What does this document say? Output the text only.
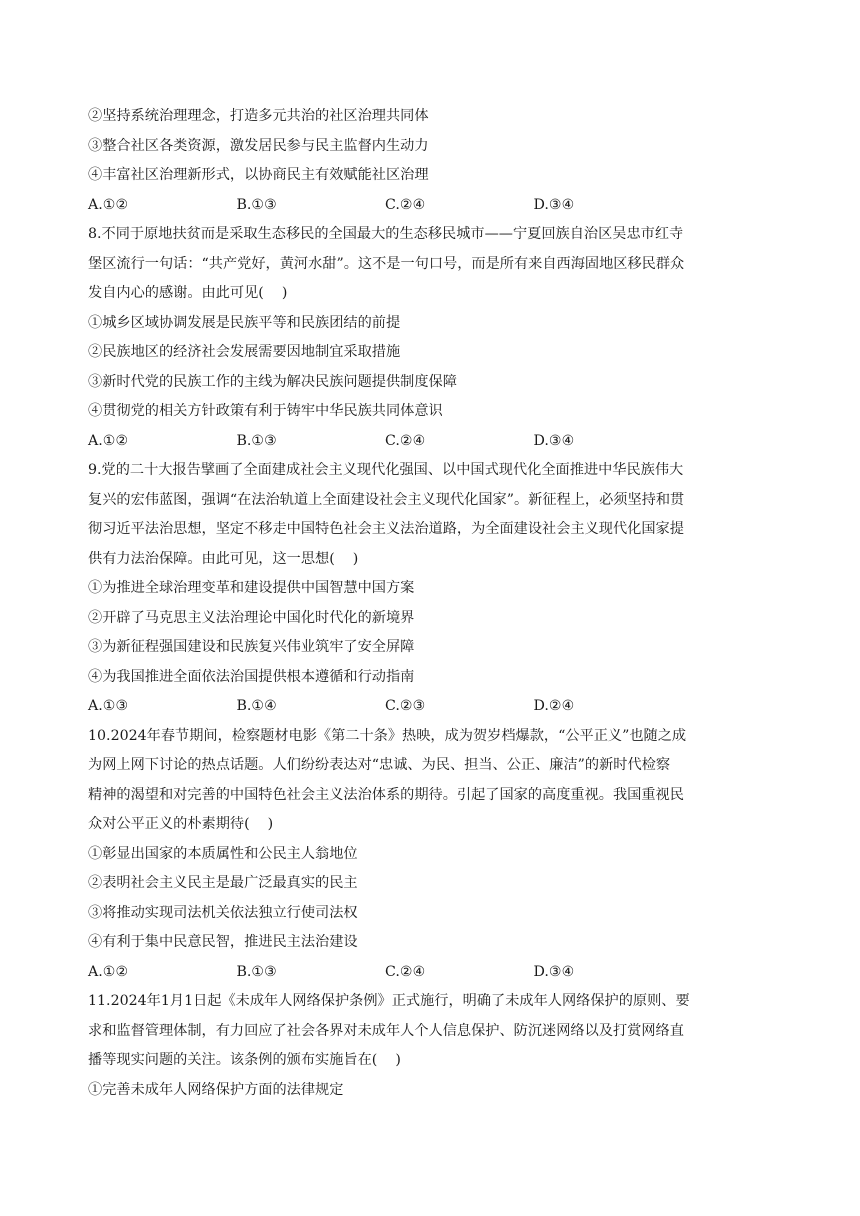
②坚持系统治理理念，打造多元共治的社区治理共同体
③整合社区各类资源，激发居民参与民主监督内生动力
④丰富社区治理新形式，以协商民主有效赋能社区治理
A.①②	B.①③	C.②④	D.③④
8.不同于原地扶贫而是采取生态移民的全国最大的生态移民城市——宁夏回族自治区吴忠市红寺
堡区流行一句话：“共产党好，黄河水甜”。这不是一句口号，而是所有来自西海固地区移民群众
发自内心的感谢。由此可见(    )
①城乡区域协调发展是民族平等和民族团结的前提
②民族地区的经济社会发展需要因地制宜采取措施
③新时代党的民族工作的主线为解决民族问题提供制度保障
④贯彻党的相关方针政策有利于铸牢中华民族共同体意识
A.①②	B.①③	C.②④	D.③④
9.党的二十大报告擘画了全面建成社会主义现代化强国、以中国式现代化全面推进中华民族伟大
复兴的宏伟蓝图，强调“在法治轨道上全面建设社会主义现代化国家”。新征程上，必须坚持和贯
彻习近平法治思想，坚定不移走中国特色社会主义法治道路，为全面建设社会主义现代化国家提
供有力法治保障。由此可见，这一思想(    )
①为推进全球治理变革和建设提供中国智慧中国方案
②开辟了马克思主义法治理论中国化时代化的新境界
③为新征程强国建设和民族复兴伟业筑牢了安全屏障
④为我国推进全面依法治国提供根本遵循和行动指南
A.①③	B.①④	C.②③	D.②④
10.2024年春节期间，检察题材电影《第二十条》热映，成为贺岁档爆款，“公平正义”也随之成
为网上网下讨论的热点话题。人们纷纷表达对“忠诚、为民、担当、公正、廉洁”的新时代检察
精神的渴望和对完善的中国特色社会主义法治体系的期待。引起了国家的高度重视。我国重视民
众对公平正义的朴素期待(    )
①彰显出国家的本质属性和公民主人翁地位
②表明社会主义民主是最广泛最真实的民主
③将推动实现司法机关依法独立行使司法权
④有利于集中民意民智，推进民主法治建设
A.①②	B.①③	C.②④	D.③④
11.2024年1月1日起《未成年人网络保护条例》正式施行，明确了未成年人网络保护的原则、要
求和监督管理体制，有力回应了社会各界对未成年人个人信息保护、防沉迷网络以及打赏网络直
播等现实问题的关注。该条例的颁布实施旨在(    )
①完善未成年人网络保护方面的法律规定
